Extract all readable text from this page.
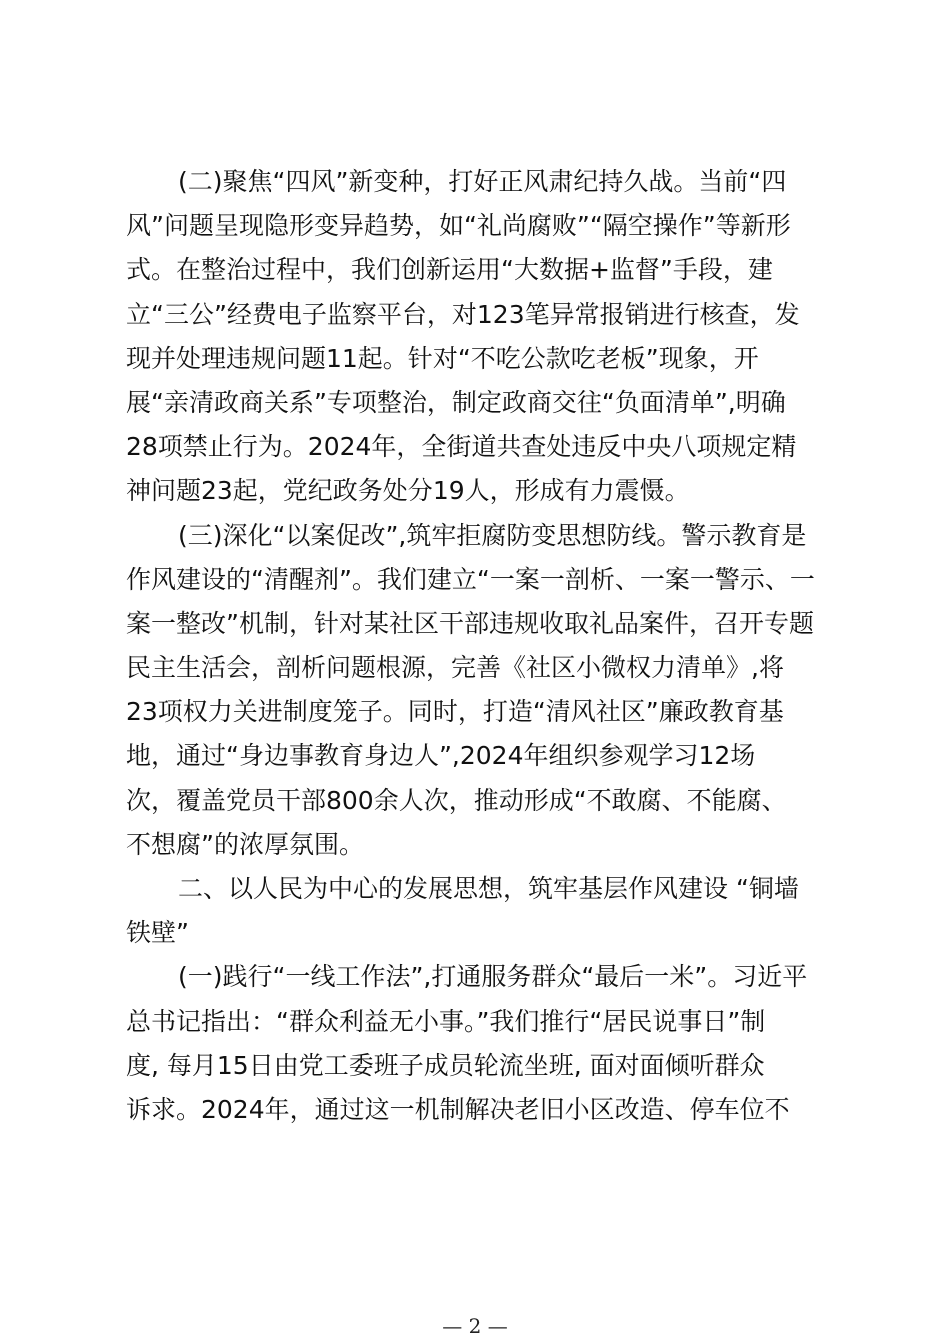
(二)聚焦“四风”新变种，打好正风肃纪持久战。当前“四
风”问题呈现隐形变异趋势，如“礼尚腐败”“隔空操作”等新形
式。在整治过程中，我们创新运用“大数据+监督”手段，建
立“三公”经费电子监察平台，对123笔异常报销进行核查，发
现并处理违规问题11起。针对“不吃公款吃老板”现象，开
展“亲清政商关系”专项整治，制定政商交往“负面清单”,明确
28项禁止行为。2024年，全街道共查处违反中央八项规定精
神问题23起，党纪政务处分19人，形成有力震慑。
(三)深化“以案促改”,筑牢拒腐防变思想防线。警示教育是
作风建设的“清醒剂”。我们建立“一案一剖析、一案一警示、一
案一整改”机制，针对某社区干部违规收取礼品案件，召开专题
民主生活会，剖析问题根源，完善《社区小微权力清单》,将
23项权力关进制度笼子。同时，打造“清风社区”廉政教育基
地，通过“身边事教育身边人”,2024年组织参观学习12场
次，覆盖党员干部800余人次，推动形成“不敢腐、不能腐、
不想腐”的浓厚氛围。
二、以人民为中心的发展思想，筑牢基层作风建设 “铜墙
铁壁”
(一)践行“一线工作法”,打通服务群众“最后一米”。习近平
总书记指出：“群众利益无小事。”我们推行“居民说事日”制
度, 每月15日由党工委班子成员轮流坐班, 面对面倾听群众
诉求。2024年，通过这一机制解决老旧小区改造、停车位不
— 2 —
